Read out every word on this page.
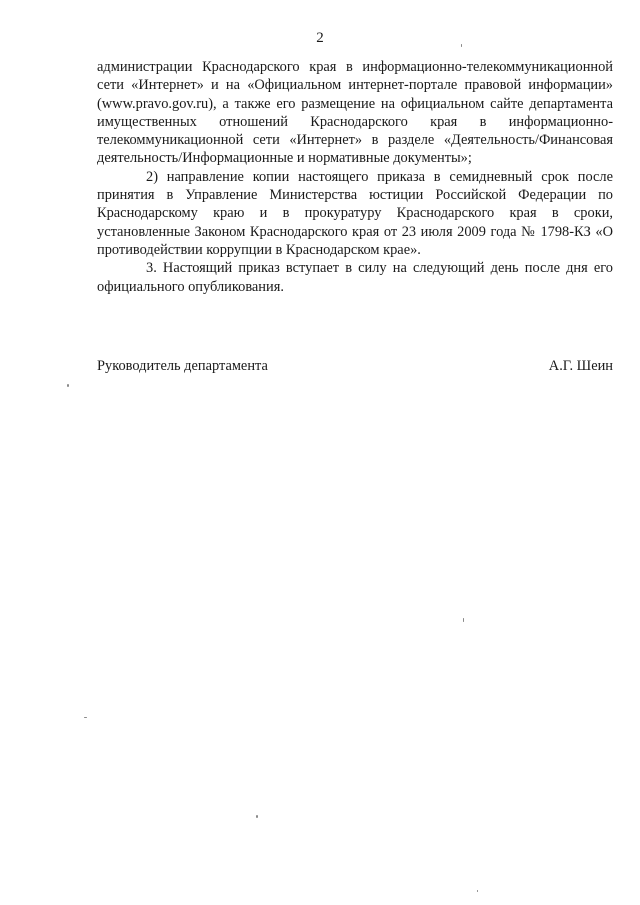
2

администрации Краснодарского края в информационно-телекоммуникационной сети «Интернет» и на «Официальном интернет-портале правовой информации» (www.pravo.gov.ru), а также его размещение на официальном сайте департамента имущественных отношений Краснодарского края в информационно-телекоммуникационной сети «Интернет» в разделе «Деятельность/Финансовая деятельность/Информационные и нормативные документы»;

2) направление копии настоящего приказа в семидневный срок после принятия в Управление Министерства юстиции Российской Федерации по Краснодарскому краю и в прокуратуру Краснодарского края в сроки, установленные Законом Краснодарского края от 23 июля 2009 года № 1798-КЗ «О противодействии коррупции в Краснодарском крае».

3. Настоящий приказ вступает в силу на следующий день после дня его официального опубликования.

Руководитель департамента	А.Г. Шеин
